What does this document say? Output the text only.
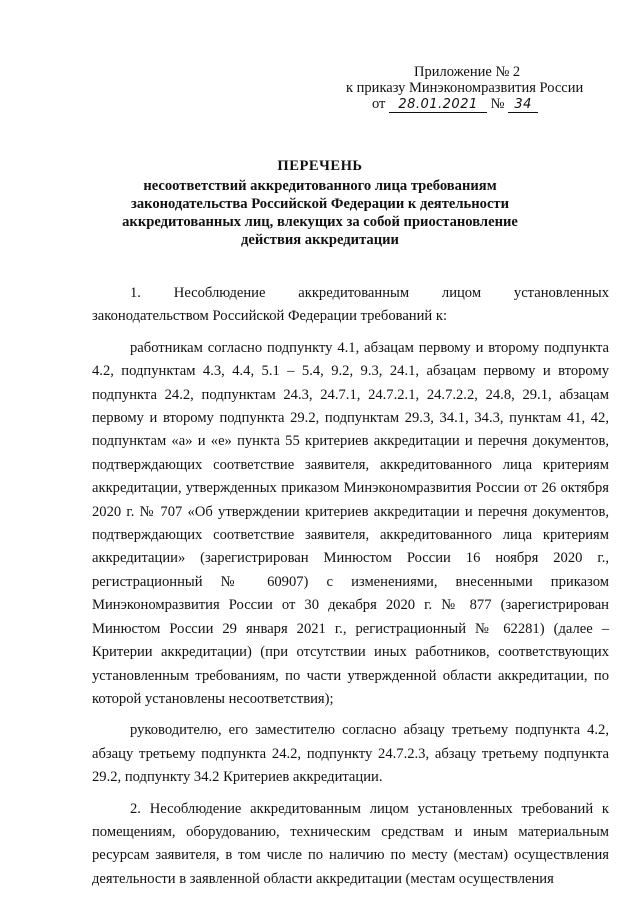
Приложение № 2
к приказу Минэкономразвития России
от 28.01.2021 № 34
ПЕРЕЧЕНЬ
несоответствий аккредитованного лица требованиям
законодательства Российской Федерации к деятельности
аккредитованных лиц, влекущих за собой приостановление
действия аккредитации

1. Несоблюдение аккредитованным лицом установленных законодательством Российской Федерации требований к:

работникам согласно подпункту 4.1, абзацам первому и второму подпункта 4.2, подпунктам 4.3, 4.4, 5.1 – 5.4, 9.2, 9.3, 24.1, абзацам первому и второму подпункта 24.2, подпунктам 24.3, 24.7.1, 24.7.2.1, 24.7.2.2, 24.8, 29.1, абзацам первому и второму подпункта 29.2, подпунктам 29.3, 34.1, 34.3, пунктам 41, 42, подпунктам «а» и «е» пункта 55 критериев аккредитации и перечня документов, подтверждающих соответствие заявителя, аккредитованного лица критериям аккредитации, утвержденных приказом Минэкономразвития России от 26 октября 2020 г. № 707 «Об утверждении критериев аккредитации и перечня документов, подтверждающих соответствие заявителя, аккредитованного лица критериям аккредитации» (зарегистрирован Минюстом России 16 ноября 2020 г., регистрационный № 60907) с изменениями, внесенными приказом Минэкономразвития России от 30 декабря 2020 г. № 877 (зарегистрирован Минюстом России 29 января 2021 г., регистрационный № 62281) (далее – Критерии аккредитации) (при отсутствии иных работников, соответствующих установленным требованиям, по части утвержденной области аккредитации, по которой установлены несоответствия);

руководителю, его заместителю согласно абзацу третьему подпункта 4.2, абзацу третьему подпункта 24.2, подпункту 24.7.2.3, абзацу третьему подпункта 29.2, подпункту 34.2 Критериев аккредитации.

2. Несоблюдение аккредитованным лицом установленных требований к помещениям, оборудованию, техническим средствам и иным материальным ресурсам заявителя, в том числе по наличию по месту (местам) осуществления деятельности в заявленной области аккредитации (местам осуществления
